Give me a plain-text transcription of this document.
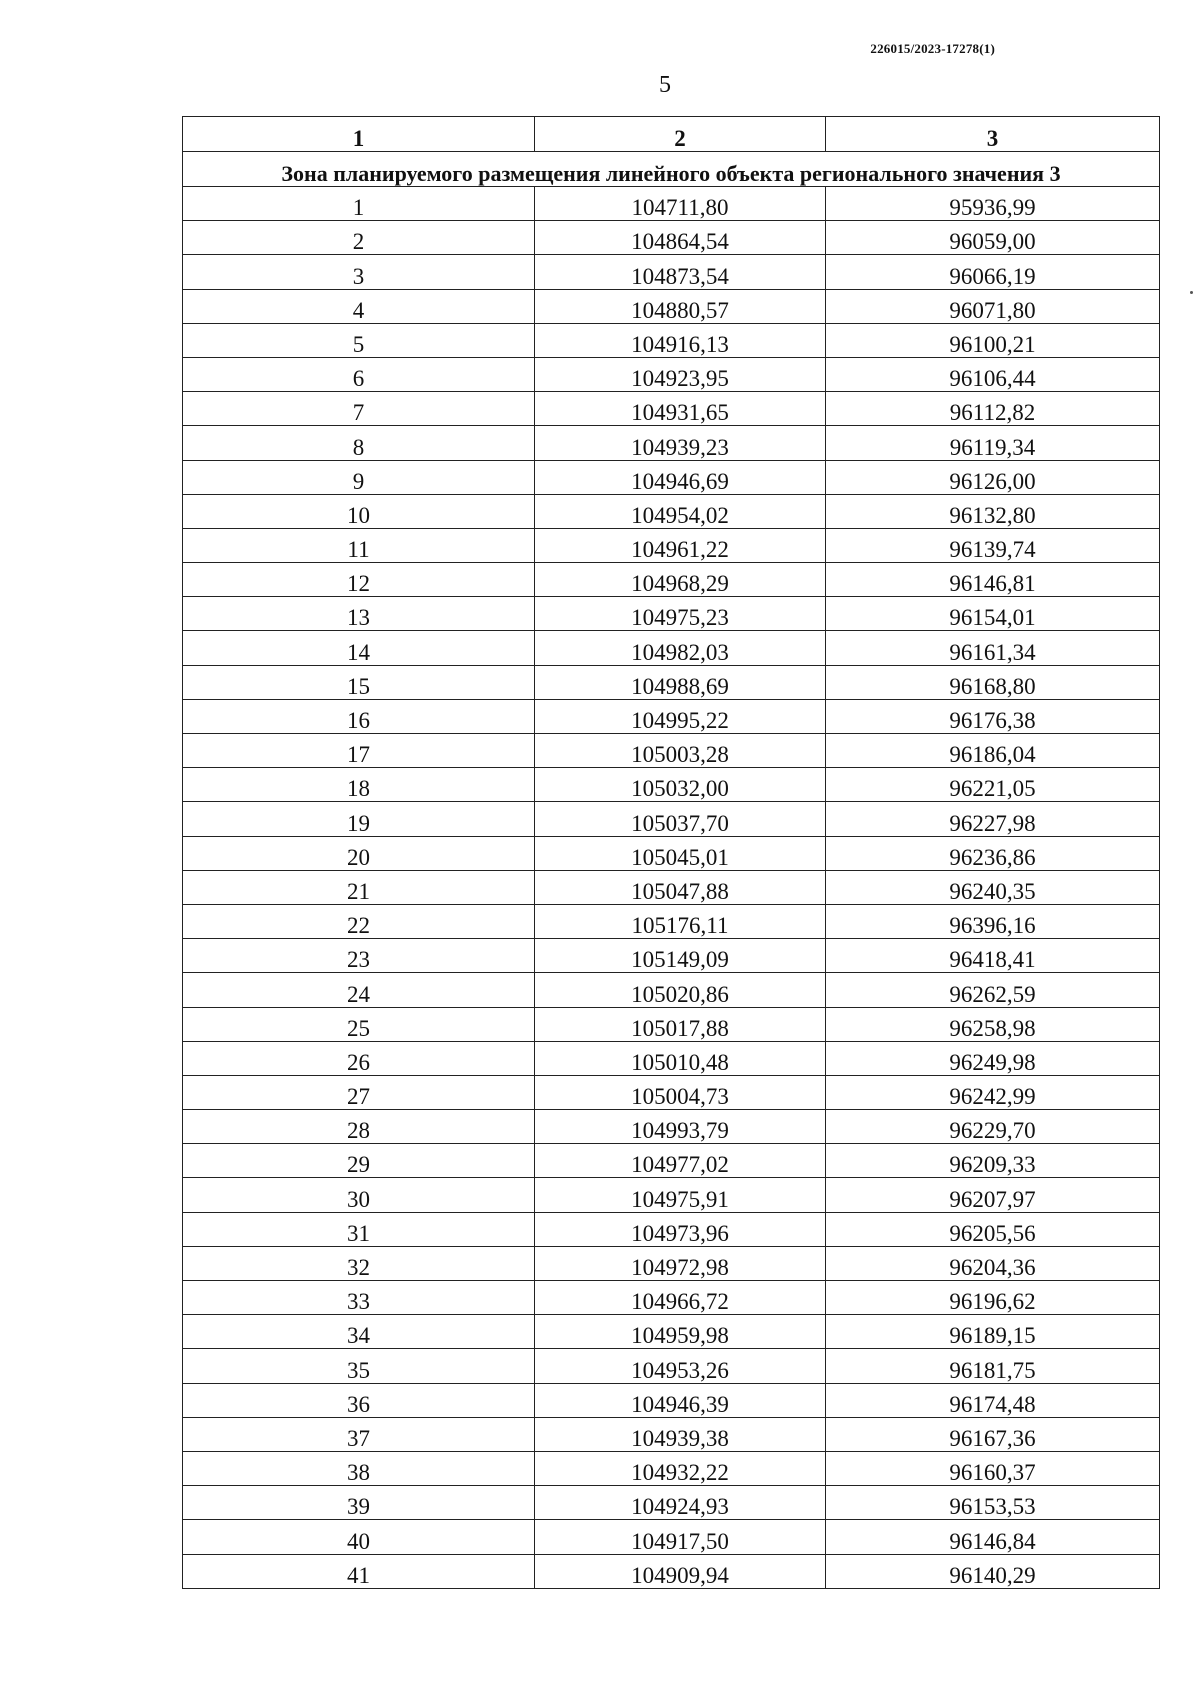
226015/2023-17278(1)
5
1	2	3
Зона планируемого размещения линейного объекта регионального значения 3		
1	104711,80	95936,99
2	104864,54	96059,00
3	104873,54	96066,19
4	104880,57	96071,80
5	104916,13	96100,21
6	104923,95	96106,44
7	104931,65	96112,82
8	104939,23	96119,34
9	104946,69	96126,00
10	104954,02	96132,80
11	104961,22	96139,74
12	104968,29	96146,81
13	104975,23	96154,01
14	104982,03	96161,34
15	104988,69	96168,80
16	104995,22	96176,38
17	105003,28	96186,04
18	105032,00	96221,05
19	105037,70	96227,98
20	105045,01	96236,86
21	105047,88	96240,35
22	105176,11	96396,16
23	105149,09	96418,41
24	105020,86	96262,59
25	105017,88	96258,98
26	105010,48	96249,98
27	105004,73	96242,99
28	104993,79	96229,70
29	104977,02	96209,33
30	104975,91	96207,97
31	104973,96	96205,56
32	104972,98	96204,36
33	104966,72	96196,62
34	104959,98	96189,15
35	104953,26	96181,75
36	104946,39	96174,48
37	104939,38	96167,36
38	104932,22	96160,37
39	104924,93	96153,53
40	104917,50	96146,84
41	104909,94	96140,29
